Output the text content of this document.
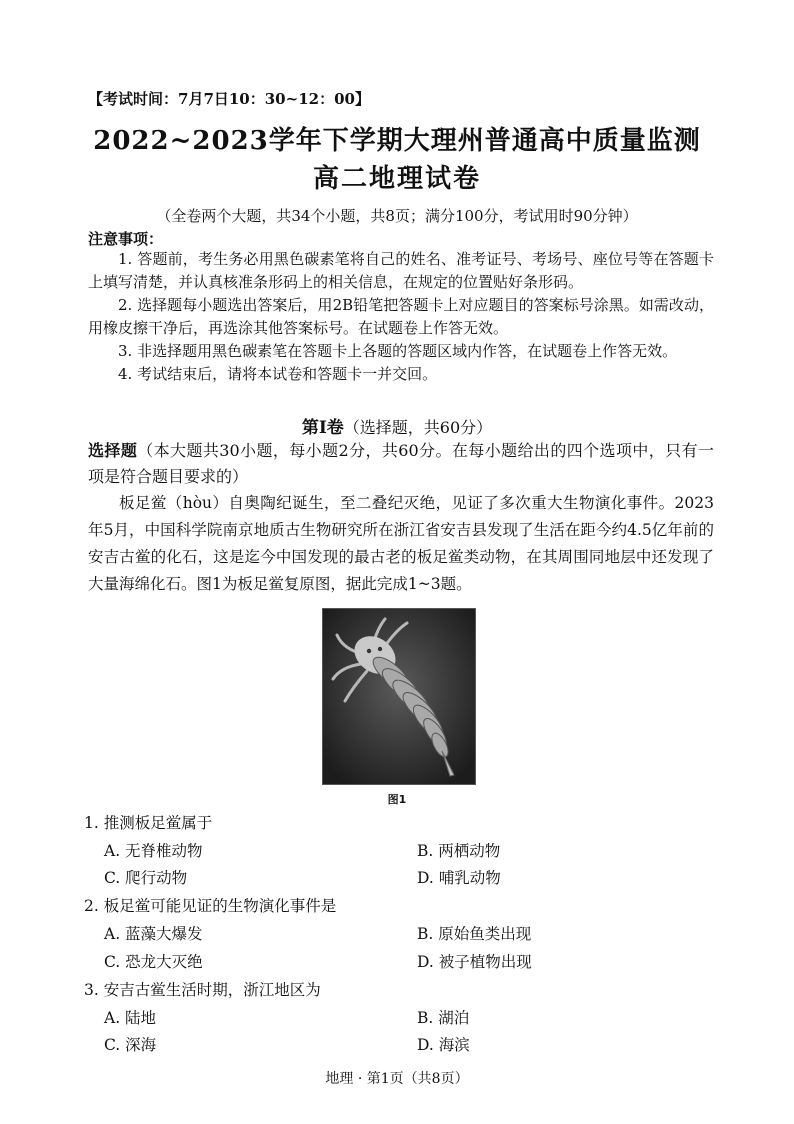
【考试时间：7月7日10：30~12：00】
2022~2023学年下学期大理州普通高中质量监测
高二地理试卷
（全卷两个大题，共34个小题，共8页；满分100分，考试用时90分钟）
注意事项：

1. 答题前，考生务必用黑色碳素笔将自己的姓名、准考证号、考场号、座位号等在答题卡上填写清楚，并认真核准条形码上的相关信息，在规定的位置贴好条形码。

2. 选择题每小题选出答案后，用2B铅笔把答题卡上对应题目的答案标号涂黑。如需改动，用橡皮擦干净后，再选涂其他答案标号。在试题卷上作答无效。

3. 非选择题用黑色碳素笔在答题卡上各题的答题区域内作答，在试题卷上作答无效。

4. 考试结束后，请将本试卷和答题卡一并交回。

第Ⅰ卷（选择题，共60分）
选择题（本大题共30小题，每小题2分，共60分。在每小题给出的四个选项中，只有一项是符合题目要求的）

板足鲎（hòu）自奥陶纪诞生，至二叠纪灭绝，见证了多次重大生物演化事件。2023年5月，中国科学院南京地质古生物研究所在浙江省安吉县发现了生活在距今约4.5亿年前的安吉古鲎的化石，这是迄今中国发现的最古老的板足鲎类动物，在其周围同地层中还发现了大量海绵化石。图1为板足鲎复原图，据此完成1~3题。

图1
1. 推测板足鲎属于
A. 无脊椎动物	B. 两栖动物
C. 爬行动物	D. 哺乳动物
2. 板足鲎可能见证的生物演化事件是
A. 蓝藻大爆发	B. 原始鱼类出现
C. 恐龙大灭绝	D. 被子植物出现
3. 安吉古鲎生活时期，浙江地区为
A. 陆地	B. 湖泊
C. 深海	D. 海滨
地理 · 第1页（共8页）
